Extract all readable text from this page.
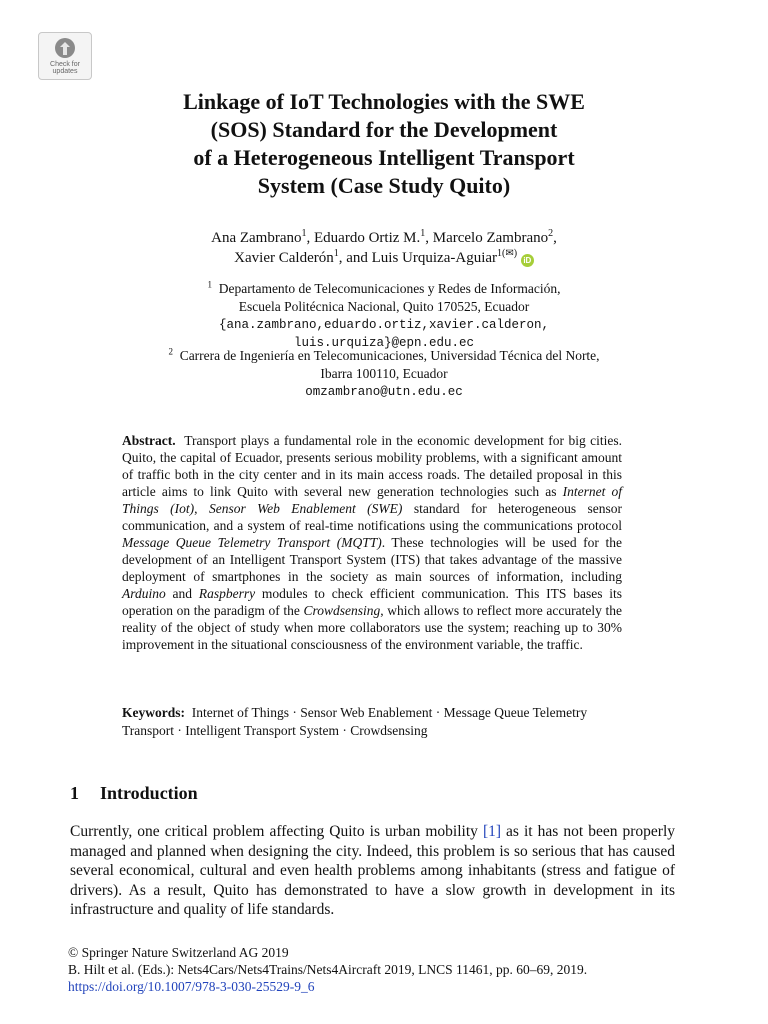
Check for
updates
Linkage of IoT Technologies with the SWE
(SOS) Standard for the Development
of a Heterogeneous Intelligent Transport
System (Case Study Quito)
Ana Zambrano$^1$, Eduardo Ortiz M.$^1$, Marcelo Zambrano$^2$,
Xavier Calderón$^1$, and Luis Urquiza-Aguiar$^{1(✉)}$ iD
$^1$ Departamento de Telecomunicaciones y Redes de Información,
Escuela Politécnica Nacional, Quito 170525, Ecuador
{ana.zambrano,eduardo.ortiz,xavier.calderon,
luis.urquiza}@epn.edu.ec
$^2$ Carrera de Ingeniería en Telecomunicaciones, Universidad Técnica del Norte,
Ibarra 100110, Ecuador
omzambrano@utn.edu.ec

Abstract. Transport plays a fundamental role in the economic development for big cities. Quito, the capital of Ecuador, presents serious mobility problems, with a significant amount of traffic both in the city center and in its main access roads. The detailed proposal in this article aims to link Quito with several new generation technologies such as Internet of Things (Iot), Sensor Web Enablement (SWE) standard for heterogeneous sensor communication, and a system of real-time notifications using the communications protocol Message Queue Telemetry Transport (MQTT). These technologies will be used for the development of an Intelligent Transport System (ITS) that takes advantage of the massive deployment of smartphones in the society as main sources of information, including Arduino and Raspberry modules to check efficient communication. This ITS bases its operation on the paradigm of the Crowdsensing, which allows to reflect more accurately the reality of the object of study when more collaborators use the system; reaching up to 30% improvement in the situational consciousness of the environment variable, the traffic.

Keywords: Internet of Things · Sensor Web Enablement · Message Queue Telemetry Transport · Intelligent Transport System · Crowdsensing

1 Introduction

Currently, one critical problem affecting Quito is urban mobility [1] as it has not been properly managed and planned when designing the city. Indeed, this problem is so serious that has caused several economical, cultural and even health problems among inhabitants (stress and fatigue of drivers). As a result, Quito has demonstrated to have a slow growth in development in its infrastructure and quality of life standards.

© Springer Nature Switzerland AG 2019
B. Hilt et al. (Eds.): Nets4Cars/Nets4Trains/Nets4Aircraft 2019, LNCS 11461, pp. 60–69, 2019.
https://doi.org/10.1007/978-3-030-25529-9_6
